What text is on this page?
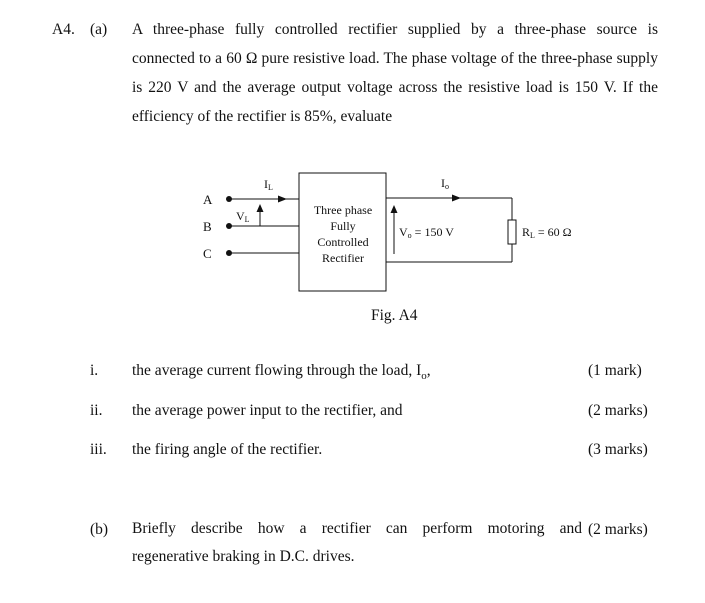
A4. (a) A three-phase fully controlled rectifier supplied by a three-phase source is
connected to a 60 Ω pure resistive load. The phase voltage of the three-phase supply
is 220 V and the average output voltage across the resistive load is 150 V. If the
efficiency of the rectifier is 85%, evaluate
A
B
C
IL
VL
Io
Three phase
Fully
Controlled
Rectifier
Vo = 150 V	RL = 60 Ω
Fig. A4
i. the average current flowing through the load, $I_o$,	(1 mark)
ii. the average power input to the rectifier, and	(2 marks)
iii. the firing angle of the rectifier.	(3 marks)
(b) Briefly describe how a rectifier can perform motoring and
regenerative braking in D.C. drives.
(2 marks)
